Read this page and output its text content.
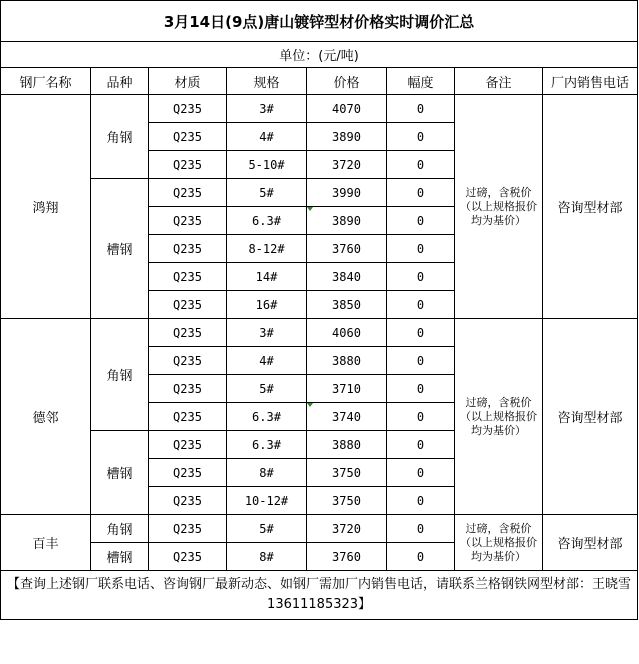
3月14日(9点)唐山镀锌型材价格实时调价汇总							
单位：(元/吨)							
钢厂名称	品种	材质	规格	价格	幅度	备注	厂内销售电话
鸿翔	角钢	Q235	3#	4070	0	过磅，含税价（以上规格报价均为基价）	咨询型材部
		Q235	4#	3890	0		
		Q235	5-10#	3720	0		
	槽钢	Q235	5#	3990	0		
		Q235	6.3#	3890	0		
		Q235	8-12#	3760	0		
		Q235	14#	3840	0		
		Q235	16#	3850	0		
德邻	角钢	Q235	3#	4060	0	过磅，含税价（以上规格报价均为基价）	咨询型材部
		Q235	4#	3880	0		
		Q235	5#	3710	0		
		Q235	6.3#	3740	0		
	槽钢	Q235	6.3#	3880	0		
		Q235	8#	3750	0		
		Q235	10-12#	3750	0		
百丰	角钢	Q235	5#	3720	0	过磅，含税价（以上规格报价均为基价）	咨询型材部
	槽钢	Q235	8#	3760	0		
【查询上述钢厂联系电话、咨询钢厂最新动态、如钢厂需加厂内销售电话，请联系兰格钢铁网型材部：王晓雪13611185323】							
